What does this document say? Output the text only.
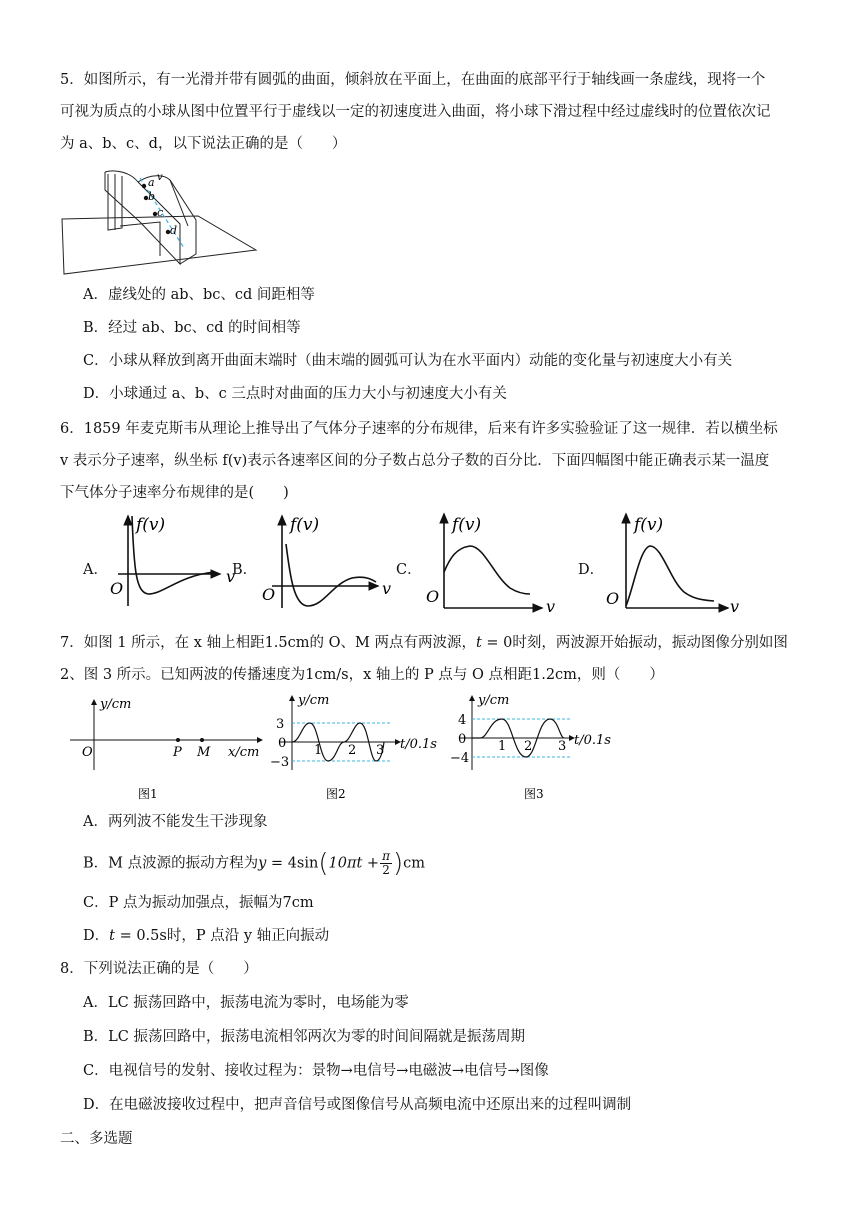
5．如图所示，有一光滑并带有圆弧的曲面，倾斜放在平面上，在曲面的底部平行于轴线画一条虚线，现将一个
可视为质点的小球从图中位置平行于虚线以一定的初速度进入曲面，将小球下滑过程中经过虚线时的位置依次记
为 a、b、c、d，以下说法正确的是（　　）
a
b
c
d
v
A．虚线处的 ab、bc、cd 间距相等
B．经过 ab、bc、cd 的时间相等
C．小球从释放到离开曲面末端时（曲末端的圆弧可认为在水平面内）动能的变化量与初速度大小有关
D．小球通过 a、b、c 三点时对曲面的压力大小与初速度大小有关
6．1859 年麦克斯韦从理论上推导出了气体分子速率的分布规律，后来有许多实验验证了这一规律．若以横坐标
v 表示分子速率，纵坐标 f(v)表示各速率区间的分子数占总分子数的百分比．下面四幅图中能正确表示某一温度
下气体分子速率分布规律的是(　　)
A．
f(v)
v
O
B．
f(v)
v
O
C．
f(v)
v
O
D．
f(v)
v
O
7．如图 1 所示，在 x 轴上相距1.5cm的 O、M 两点有两波源，t = 0时刻，两波源开始振动，振动图像分别如图
2、图 3 所示。已知两波的传播速度为1cm/s，x 轴上的 P 点与 O 点相距1.2cm，则（　　）
y/cm
x/cm
O	P M
图1
y/cm
3
0
−3
1 2 3 t/0.1s
图2
y/cm
4
0
−4
1 2 3 t/0.1s
图3
A．两列波不能发生干涉现象
B．M 点波源的振动方程为$y = 4\sin(10\pi t + \frac{\pi}{2} )cm$
C．P 点为振动加强点，振幅为7cm
D．t = 0.5s时，P 点沿 y 轴正向振动
8．下列说法正确的是（　　）
A．LC 振荡回路中，振荡电流为零时，电场能为零
B．LC 振荡回路中，振荡电流相邻两次为零的时间间隔就是振荡周期
C．电视信号的发射、接收过程为：景物→电信号→电磁波→电信号→图像
D．在电磁波接收过程中，把声音信号或图像信号从高频电流中还原出来的过程叫调制
二、多选题
